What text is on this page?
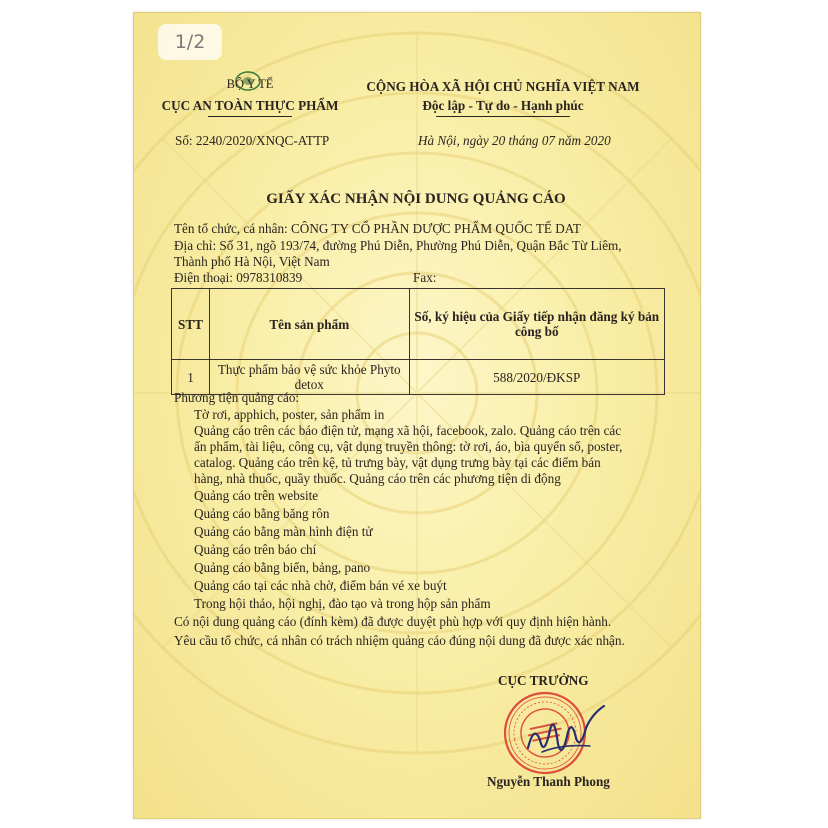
1/2
BỘ Y TẾ
CỤC AN TOÀN THỰC PHẨM
Số: 2240/2020/XNQC-ATTP
CỘNG HÒA XÃ HỘI CHỦ NGHĨA VIỆT NAM
Độc lập - Tự do - Hạnh phúc
Hà Nội, ngày 20 tháng 07 năm 2020
GIẤY XÁC NHẬN NỘI DUNG QUẢNG CÁO
Tên tổ chức, cá nhân: CÔNG TY CỔ PHẦN DƯỢC PHẨM QUỐC TẾ DAT
Địa chỉ: Số 31, ngõ 193/74, đường Phú Diễn, Phường Phú Diễn, Quận Bắc Từ Liêm,
Thành phố Hà Nội, Việt Nam
Điện thoại: 0978310839	Fax:
STT	Tên sản phẩm	Số, ký hiệu của Giấy tiếp nhận đăng ký bản công bố
1	Thực phẩm bảo vệ sức khỏe Phyto detox	588/2020/ĐKSP
Phương tiện quảng cáo:
Tờ rơi, apphich, poster, sản phẩm in
Quảng cáo trên các báo điện tử, mạng xã hội, facebook, zalo. Quảng cáo trên các
ấn phẩm, tài liệu, công cụ, vật dụng truyền thông: tờ rơi, áo, bìa quyển sổ, poster,
catalog. Quảng cáo trên kệ, tủ trưng bày, vật dụng trưng bày tại các điểm bán
hàng, nhà thuốc, quầy thuốc. Quảng cáo trên các phương tiện di động
Quảng cáo trên website
Quảng cáo bằng băng rôn
Quảng cáo bằng màn hình điện tử
Quảng cáo trên báo chí
Quảng cáo bằng biển, bảng, pano
Quảng cáo tại các nhà chờ, điểm bán vé xe buýt
Trong hội thảo, hội nghị, đào tạo và trong hộp sản phẩm
Có nội dung quảng cáo (đính kèm) đã được duyệt phù hợp với quy định hiện hành.
Yêu cầu tổ chức, cá nhân có trách nhiệm quảng cáo đúng nội dung đã được xác nhận.
CỤC TRƯỞNG
Nguyễn Thanh Phong
